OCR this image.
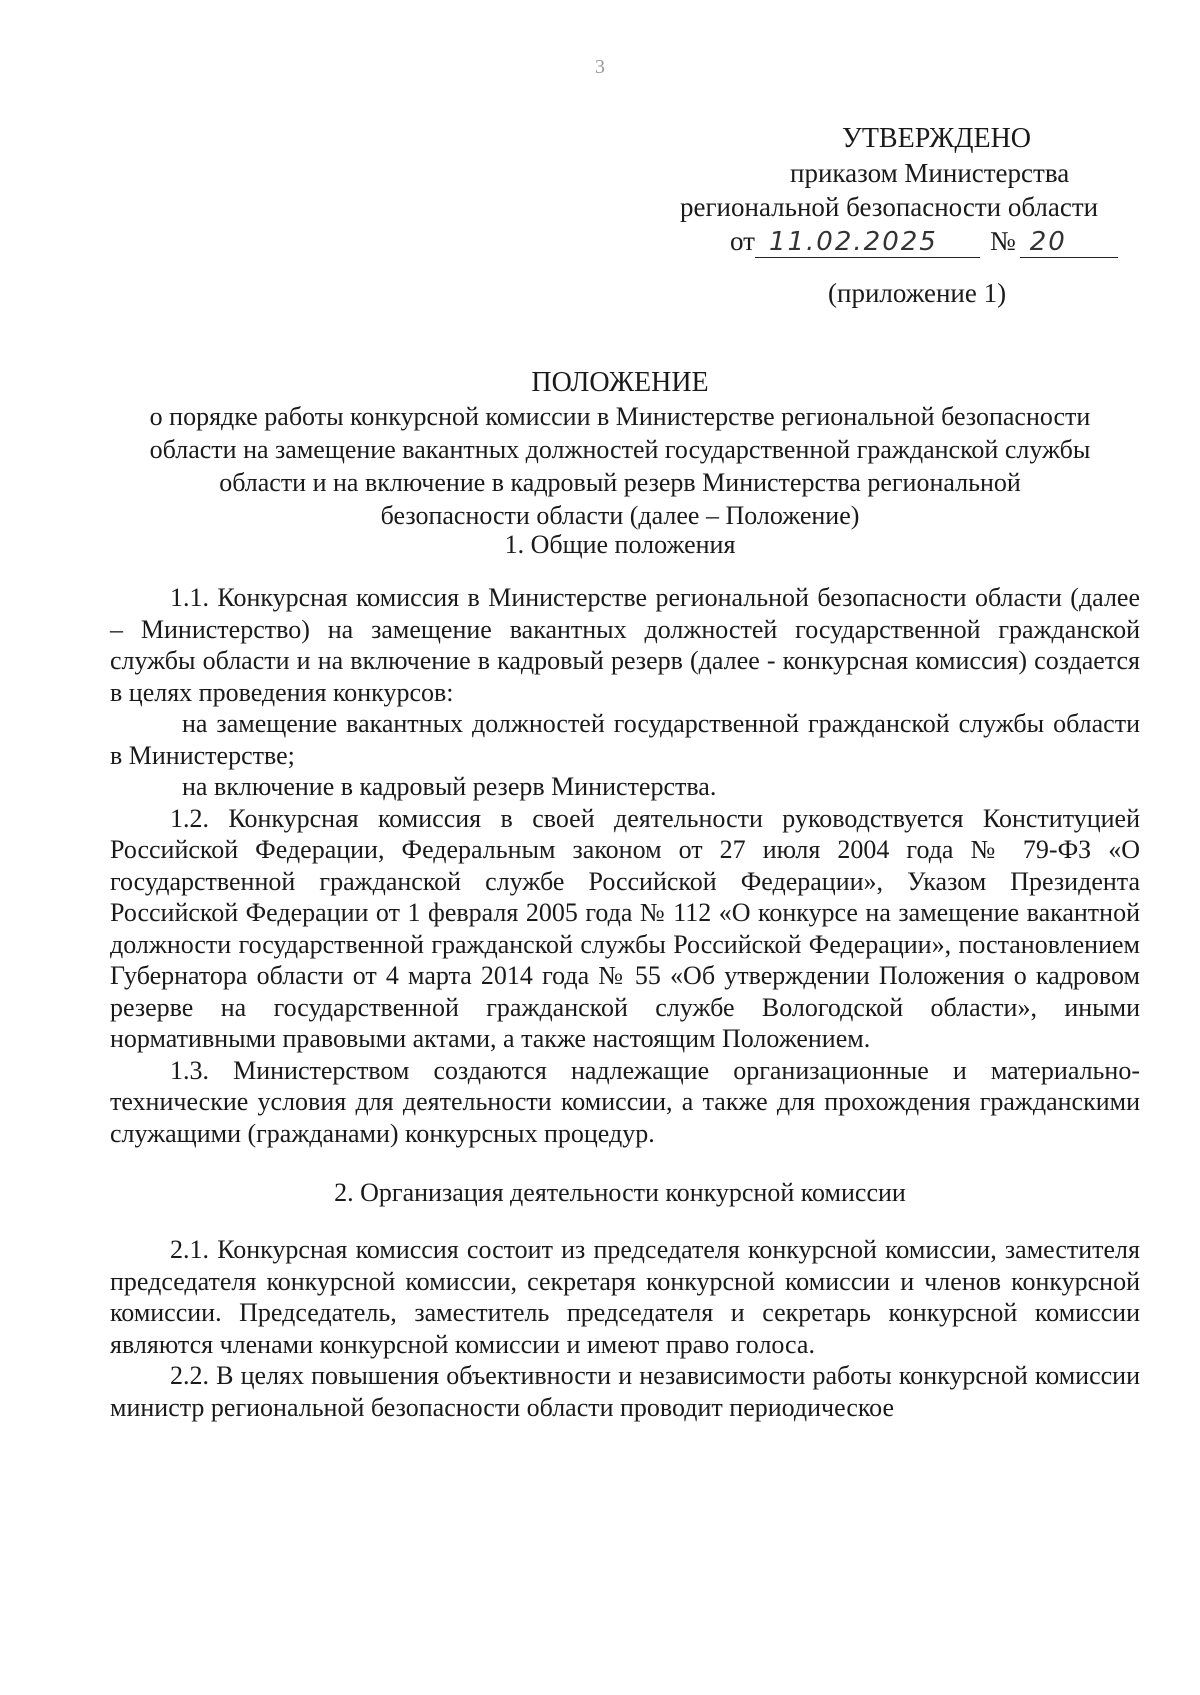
3
УТВЕРЖДЕНО
приказом Министерства
региональной безопасности области
от 11.02.2025 № 20
(приложение 1)
ПОЛОЖЕНИЕ
о порядке работы конкурсной комиссии в Министерстве региональной безопасности
области на замещение вакантных должностей государственной гражданской службы
области и на включение в кадровый резерв Министерства региональной
безопасности области (далее – Положение)
1. Общие положения

1.1. Конкурсная комиссия в Министерстве региональной безопасности области (далее – Министерство) на замещение вакантных должностей государственной гражданской службы области и на включение в кадровый резерв (далее - конкурсная комиссия) создается в целях проведения конкурсов:

на замещение вакантных должностей государственной гражданской службы области в Министерстве;

на включение в кадровый резерв Министерства.

1.2. Конкурсная комиссия в своей деятельности руководствуется Конституцией Российской Федерации, Федеральным законом от 27 июля 2004 года № 79-ФЗ «О государственной гражданской службе Российской Федерации», Указом Президента Российской Федерации от 1 февраля 2005 года № 112 «О конкурсе на замещение вакантной должности государственной гражданской службы Российской Федерации», постановлением Губернатора области от 4 марта 2014 года № 55 «Об утверждении Положения о кадровом резерве на государственной гражданской службе Вологодской области», иными нормативными правовыми актами, а также настоящим Положением.

1.3. Министерством создаются надлежащие организационные и материально-технические условия для деятельности комиссии, а также для прохождения гражданскими служащими (гражданами) конкурсных процедур.

2. Организация деятельности конкурсной комиссии

2.1. Конкурсная комиссия состоит из председателя конкурсной комиссии, заместителя председателя конкурсной комиссии, секретаря конкурсной комиссии и членов конкурсной комиссии. Председатель, заместитель председателя и секретарь конкурсной комиссии являются членами конкурсной комиссии и имеют право голоса.

2.2. В целях повышения объективности и независимости работы конкурсной комиссии министр региональной безопасности области проводит периодическое
